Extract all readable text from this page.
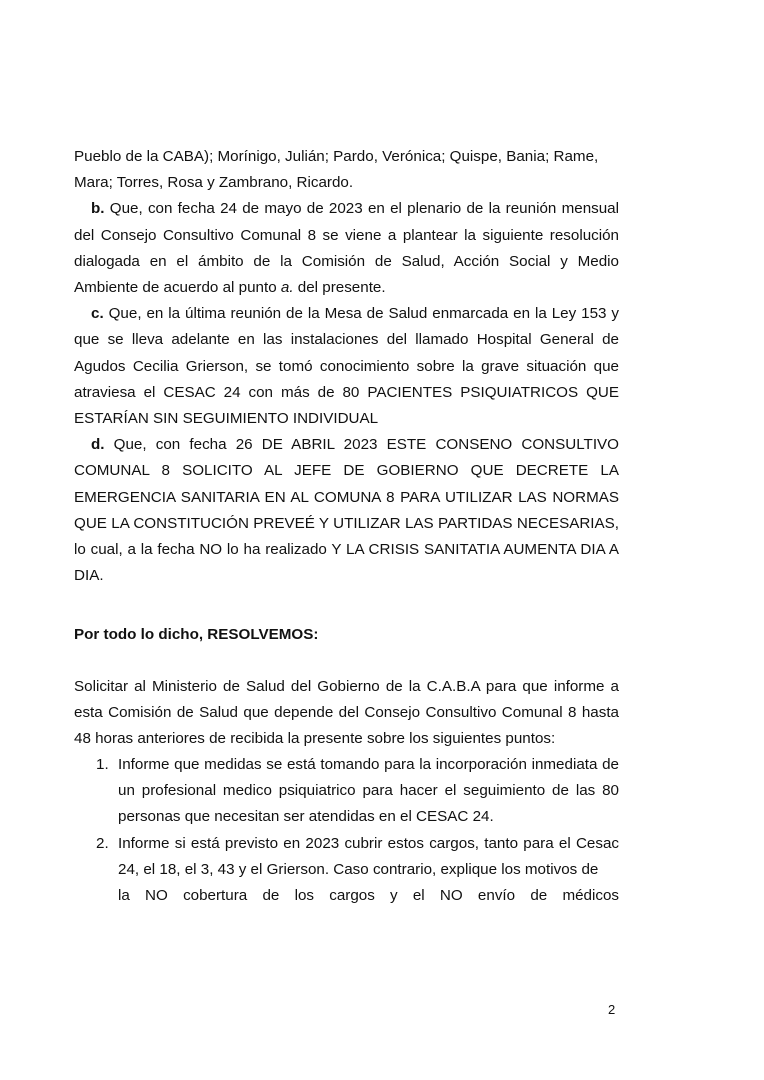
Pueblo de la CABA); Morínigo, Julián; Pardo, Verónica; Quispe, Bania; Rame,

Mara; Torres, Rosa y Zambrano, Ricardo.

b. Que, con fecha 24 de mayo de 2023 en el plenario de la reunión mensual del Consejo Consultivo Comunal 8 se viene a plantear la siguiente resolución dialogada en el ámbito de la Comisión de Salud, Acción Social y Medio Ambiente de acuerdo al punto a. del presente.

c. Que, en la última reunión de la Mesa de Salud enmarcada en la Ley 153 y que se lleva adelante en las instalaciones del llamado Hospital General de Agudos Cecilia Grierson, se tomó conocimiento sobre la grave situación que atraviesa el CESAC 24 con más de 80 PACIENTES PSIQUIATRICOS QUE ESTARÍAN SIN SEGUIMIENTO INDIVIDUAL

d. Que, con fecha 26 DE ABRIL 2023 ESTE CONSENO CONSULTIVO COMUNAL 8 SOLICITO AL JEFE DE GOBIERNO QUE DECRETE LA EMERGENCIA SANITARIA EN AL COMUNA 8 PARA UTILIZAR LAS NORMAS QUE LA CONSTITUCIÓN PREVEÉ Y UTILIZAR LAS PARTIDAS NECESARIAS, lo cual, a la fecha NO lo ha realizado Y LA CRISIS SANITATIA AUMENTA DIA A DIA.

Por todo lo dicho, RESOLVEMOS:
Solicitar al Ministerio de Salud del Gobierno de la C.A.B.A para que informe a esta Comisión de Salud que depende del Consejo Consultivo Comunal 8 hasta 48 horas anteriores de recibida la presente sobre los siguientes puntos:
1. Informe que medidas se está tomando para la incorporación inmediata de un profesional medico psiquiatrico para hacer el seguimiento de las 80 personas que necesitan ser atendidas en el CESAC 24.
2. Informe si está previsto en 2023 cubrir estos cargos, tanto para el Cesac 24, el 18, el 3, 43 y el Grierson. Caso contrario, explique los motivos de
la NO cobertura de los cargos y el NO envío de médicos
2
